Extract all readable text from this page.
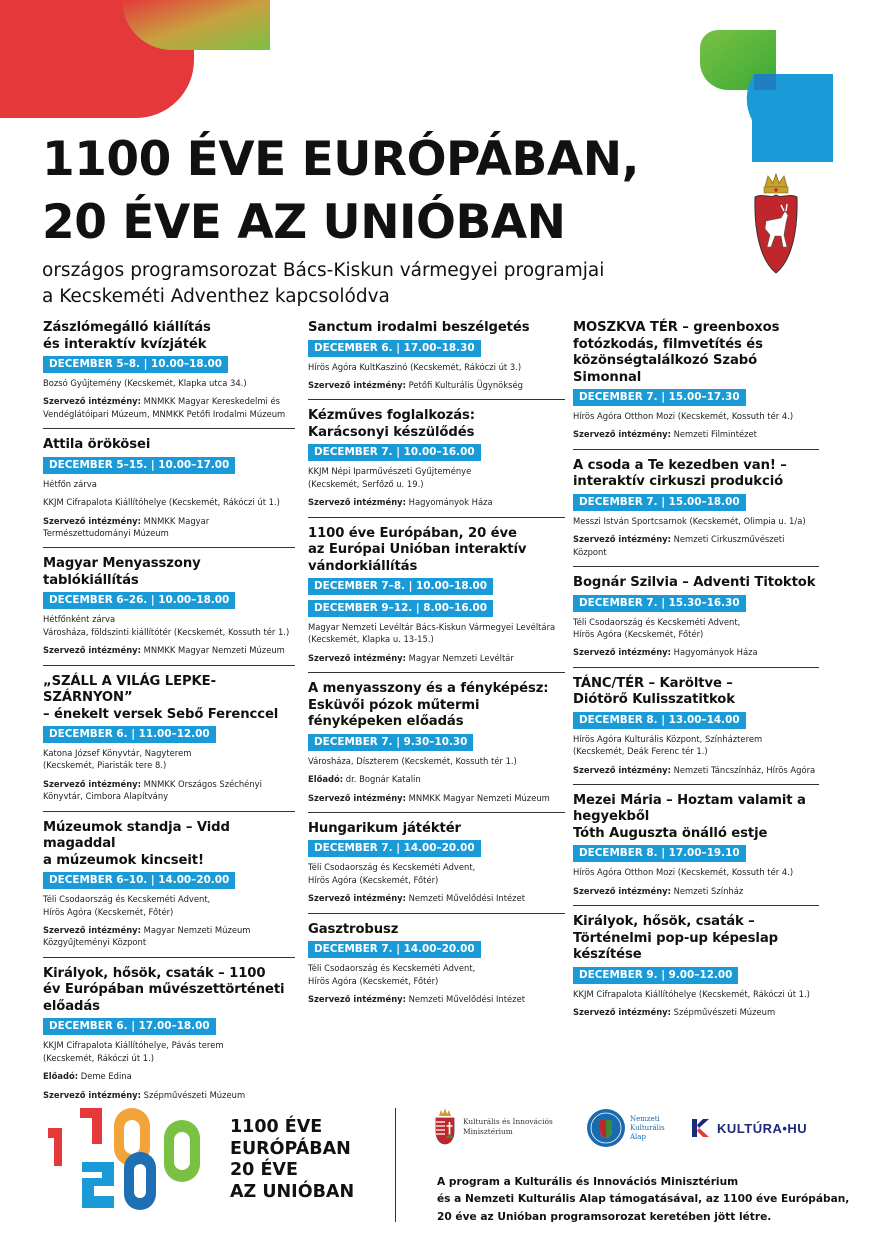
1100 ÉVE EURÓPÁBAN,
20 ÉVE AZ UNIÓBAN
országos programsorozat Bács-Kiskun vármegyei programjai
a Kecskeméti Adventhez kapcsolódva
Zászlómegálló kiállítás
és interaktív kvízjáték
DECEMBER 5–8. | 10.00–18.00
Bozsó Gyűjtemény (Kecskemét, Klapka utca 34.)
Szervező intézmény: MNMKK Magyar Kereskedelmi és Vendéglátóipari Múzeum, MNMKK Petőfi Irodalmi Múzeum
Attila örökösei
DECEMBER 5–15. | 10.00–17.00
Hétfőn zárva
KKJM Cifrapalota Kiállítóhelye (Kecskemét, Rákóczi út 1.)
Szervező intézmény: MNMKK Magyar Természettudományi Múzeum
Magyar Menyasszony tablókiállítás
DECEMBER 6–26. | 10.00–18.00
Hétfőnként zárva
Városháza, földszinti kiállítótér (Kecskemét, Kossuth tér 1.)
Szervező intézmény: MNMKK Magyar Nemzeti Múzeum
„SZÁLL A VILÁG LEPKE-SZÁRNYON”
– énekelt versek Sebő Ferenccel
DECEMBER 6. | 11.00–12.00
Katona József Könyvtár, Nagyterem
(Kecskemét, Piaristák tere 8.)
Szervező intézmény: MNMKK Országos Széchényi Könyvtár, Cimbora Alapítvány
Múzeumok standja – Vidd magaddal
a múzeumok kincseit!
DECEMBER 6–10. | 14.00–20.00
Téli Csodaország és Kecskeméti Advent,
Hírös Agóra (Kecskemét, Főtér)
Szervező intézmény: Magyar Nemzeti Múzeum Közgyűjteményi Központ
Királyok, hősök, csaták – 1100
év Európában művészettörténeti
előadás
DECEMBER 6. | 17.00–18.00
KKJM Cifrapalota Kiállítóhelye, Pávás terem
(Kecskemét, Rákóczi út 1.)
Előadó: Deme Edina
Szervező intézmény: Szépművészeti Múzeum
Sanctum irodalmi beszélgetés
DECEMBER 6. | 17.00–18.30
Hírös Agóra KultKaszinó (Kecskemét, Rákóczi út 3.)
Szervező intézmény: Petőfi Kulturális Ügynökség
Kézműves foglalkozás:
Karácsonyi készülődés
DECEMBER 7. | 10.00–16.00
KKJM Népi Iparművészeti Gyűjteménye
(Kecskemét, Serfőző u. 19.)
Szervező intézmény: Hagyományok Háza
1100 éve Európában, 20 éve
az Európai Unióban interaktív
vándorkiállítás
DECEMBER 7–8. | 10.00–18.00
DECEMBER 9–12. | 8.00–16.00
Magyar Nemzeti Levéltár Bács-Kiskun Vármegyei Levéltára
(Kecskemét, Klapka u. 13-15.)
Szervező intézmény: Magyar Nemzeti Levéltár
A menyasszony és a fényképész:
Esküvői pózok műtermi
fényképeken előadás
DECEMBER 7. | 9.30–10.30
Városháza, Díszterem (Kecskemét, Kossuth tér 1.)
Előadó: dr. Bognár Katalin
Szervező intézmény: MNMKK Magyar Nemzeti Múzeum
Hungarikum játéktér
DECEMBER 7. | 14.00–20.00
Téli Csodaország és Kecskeméti Advent,
Hírös Agóra (Kecskemét, Főtér)
Szervező intézmény: Nemzeti Művelődési Intézet
Gasztrobusz
DECEMBER 7. | 14.00–20.00
Téli Csodaország és Kecskeméti Advent,
Hírös Agóra (Kecskemét, Főtér)
Szervező intézmény: Nemzeti Művelődési Intézet
MOSZKVA TÉR – greenboxos
fotózkodás, filmvetítés és
közönségtalálkozó Szabó Simonnal
DECEMBER 7. | 15.00–17.30
Hírös Agóra Otthon Mozi (Kecskemét, Kossuth tér 4.)
Szervező intézmény: Nemzeti Filmintézet
A csoda a Te kezedben van! –
interaktív cirkuszi produkció
DECEMBER 7. | 15.00–18.00
Messzi István Sportcsarnok (Kecskemét, Olimpia u. 1/a)
Szervező intézmény: Nemzeti Cirkuszművészeti Központ
Bognár Szilvia – Adventi Titoktok
DECEMBER 7. | 15.30–16.30
Téli Csodaország és Kecskeméti Advent,
Hírös Agóra (Kecskemét, Főtér)
Szervező intézmény: Hagyományok Háza
TÁNC/TÉR – Karöltve –
Diótörő Kulisszatitkok
DECEMBER 8. | 13.00–14.00
Hírös Agóra Kulturális Központ, Színházterem
(Kecskemét, Deák Ferenc tér 1.)
Szervező intézmény: Nemzeti Táncszínház, Hírös Agóra
Mezei Mária – Hoztam valamit a
hegyekből
Tóth Auguszta önálló estje
DECEMBER 8. | 17.00–19.10
Hírös Agóra Otthon Mozi (Kecskemét, Kossuth tér 4.)
Szervező intézmény: Nemzeti Színház
Királyok, hősök, csaták –
Történelmi pop-up képeslap
készítése
DECEMBER 9. | 9.00–12.00
KKJM Cifrapalota Kiállítóhelye (Kecskemét, Rákóczi út 1.)
Szervező intézmény: Szépművészeti Múzeum
1100 ÉVE
EURÓPÁBAN
20 ÉVE
AZ UNIÓBAN
Kulturális és Innovációs
Minisztérium
Nemzeti
Kulturális
Alap
KULTÚRA•HU
A program a Kulturális és Innovációs Minisztérium
és a Nemzeti Kulturális Alap támogatásával, az 1100 éve Európában,
20 éve az Unióban programsorozat keretében jött létre.
